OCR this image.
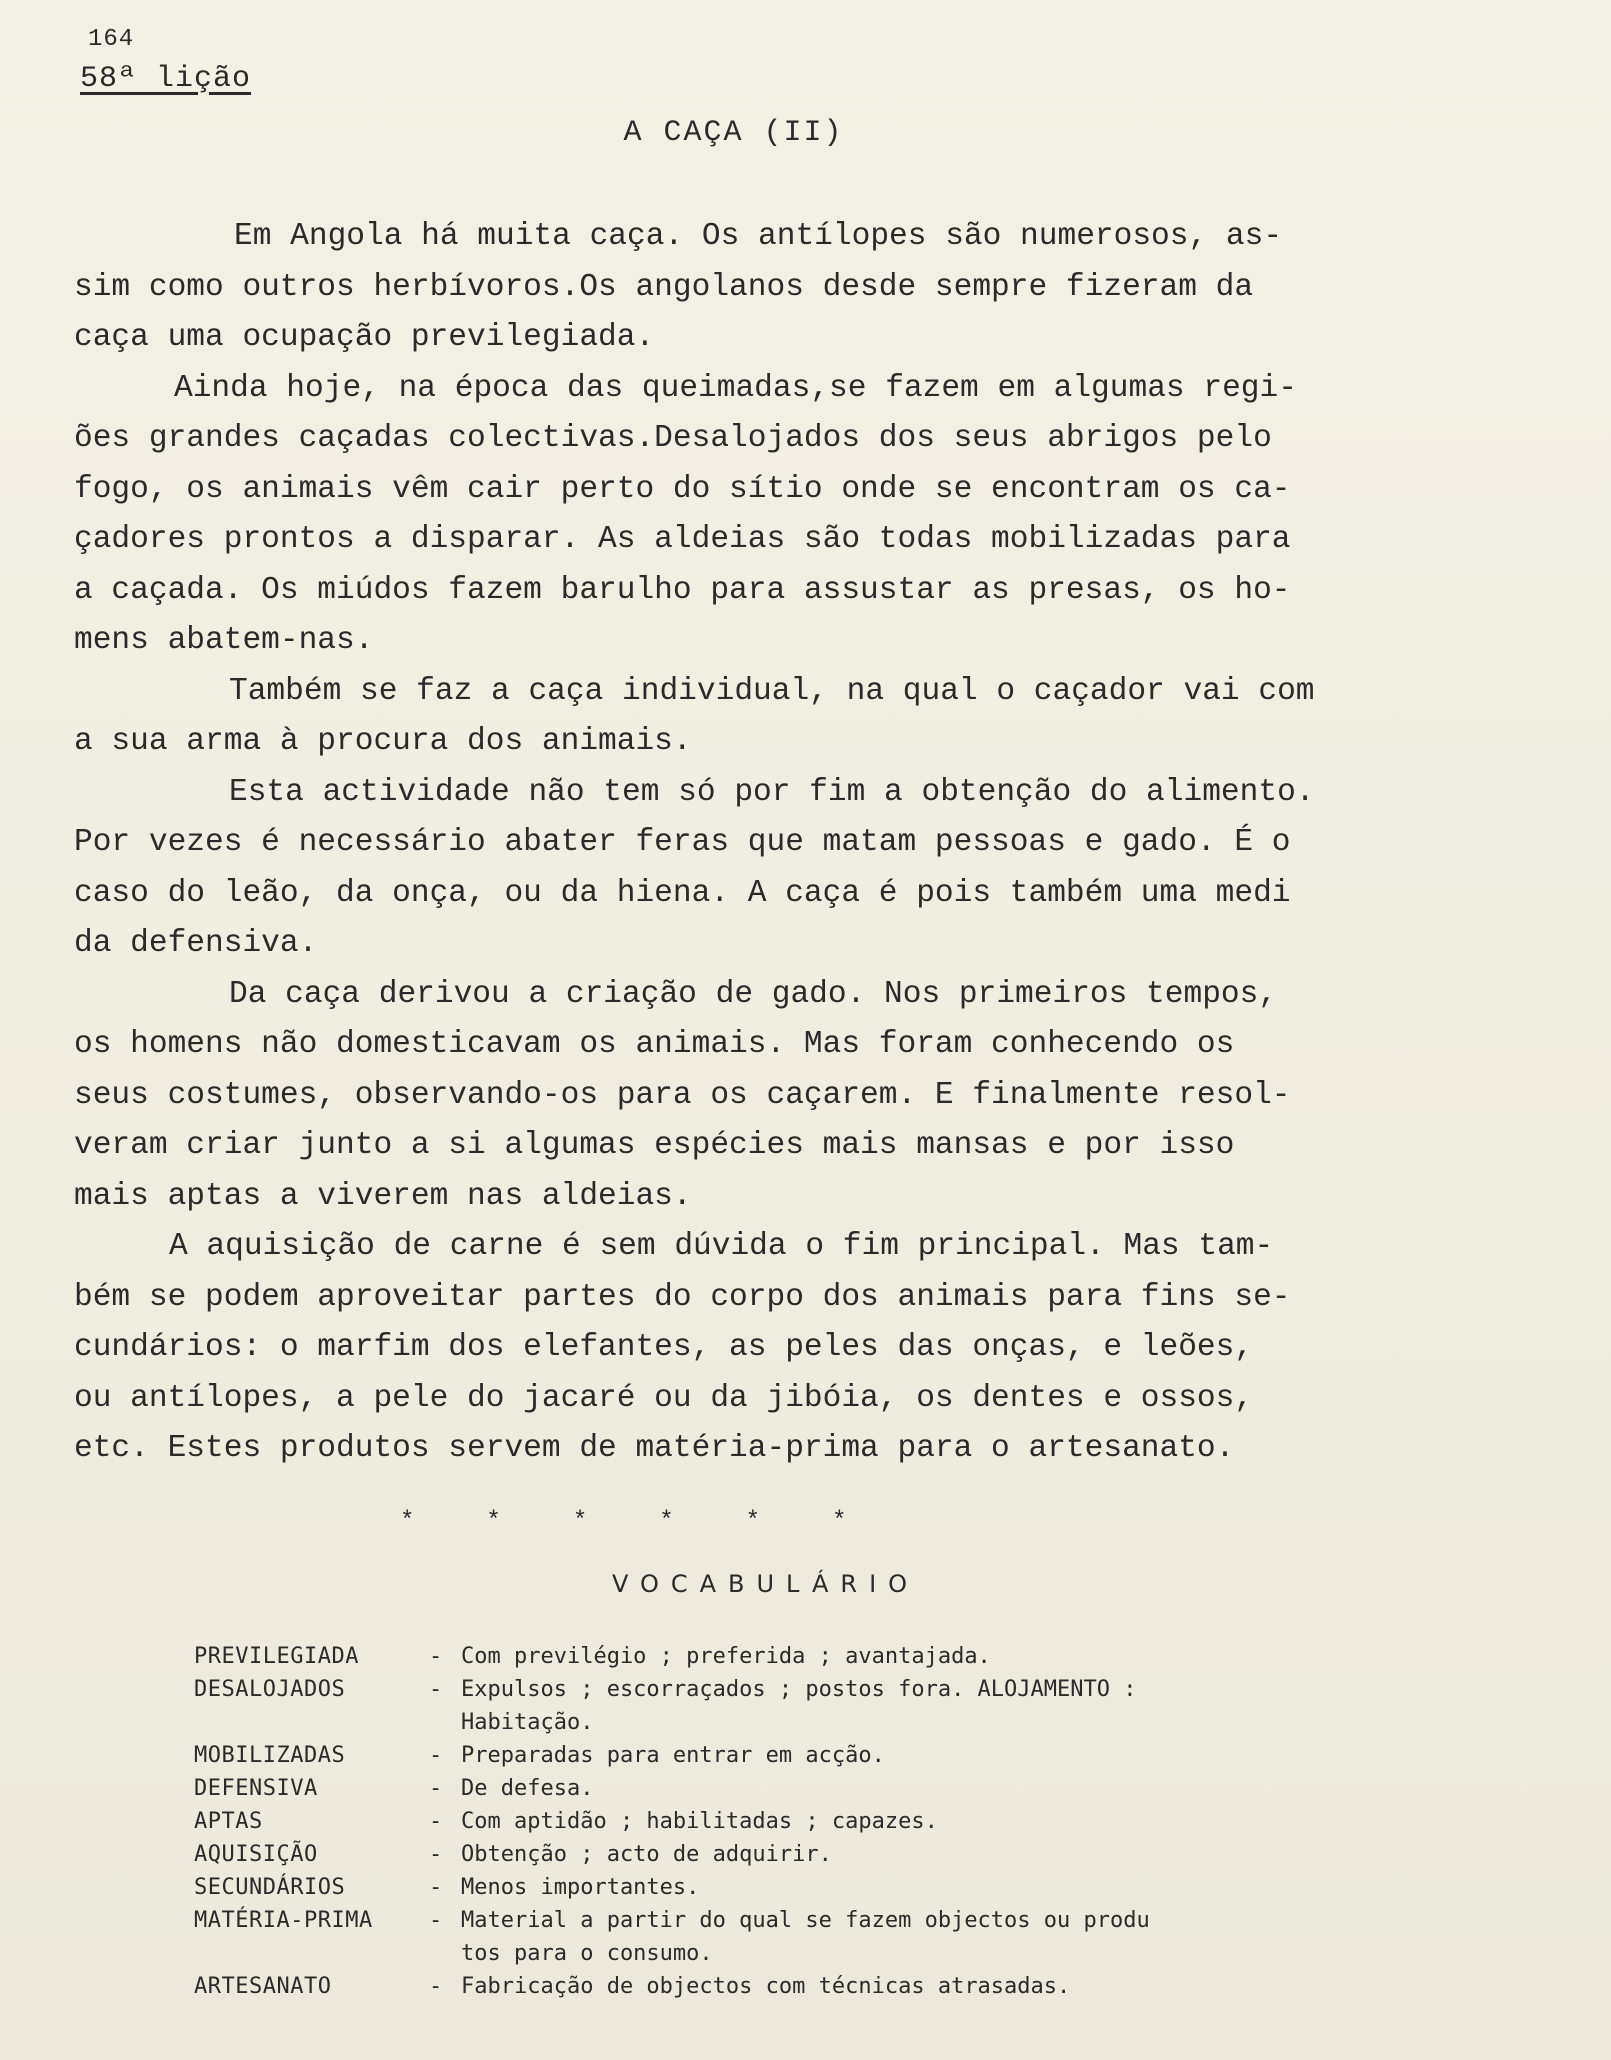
164
58ª lição
A CAÇA (II)
Em Angola há muita caça. Os antílopes são numerosos, as-
sim como outros herbívoros.Os angolanos desde sempre fizeram da
caça uma ocupação previlegiada.
Ainda hoje, na época das queimadas,se fazem em algumas regi-
ões grandes caçadas colectivas.Desalojados dos seus abrigos pelo
fogo, os animais vêm cair perto do sítio onde se encontram os ca-
çadores prontos a disparar. As aldeias são todas mobilizadas para
a caçada. Os miúdos fazem barulho para assustar as presas, os ho-
mens abatem-nas.
Também se faz a caça individual, na qual o caçador vai com
a sua arma à procura dos animais.
Esta actividade não tem só por fim a obtenção do alimento.
Por vezes é necessário abater feras que matam pessoas e gado. É o
caso do leão, da onça, ou da hiena. A caça é pois também uma medi
da defensiva.
Da caça derivou a criação de gado. Nos primeiros tempos,
os homens não domesticavam os animais. Mas foram conhecendo os
seus costumes, observando-os para os caçarem. E finalmente resol-
veram criar junto a si algumas espécies mais mansas e por isso
mais aptas a viverem nas aldeias.
A aquisição de carne é sem dúvida o fim principal. Mas tam-
bém se podem aproveitar partes do corpo dos animais para fins se-
cundários: o marfim dos elefantes, as peles das onças, e leões,
ou antílopes, a pele do jacaré ou da jibóia, os dentes e ossos,
etc. Estes produtos servem de matéria-prima para o artesanato.
*     *     *     *     *     *
VOCABULÁRIO
PREVILEGIADA	- Com previlégio ; preferida ; avantajada.
DESALOJADOS	- Expulsos ; escorraçados ; postos fora. ALOJAMENTO :
Habitação.
MOBILIZADAS	- Preparadas para entrar em acção.
DEFENSIVA	- De defesa.
APTAS	- Com aptidão ; habilitadas ; capazes.
AQUISIÇÃO	- Obtenção ; acto de adquirir.
SECUNDÁRIOS	- Menos importantes.
MATÉRIA-PRIMA	- Material a partir do qual se fazem objectos ou produ
tos para o consumo.
ARTESANATO	- Fabricação de objectos com técnicas atrasadas.
